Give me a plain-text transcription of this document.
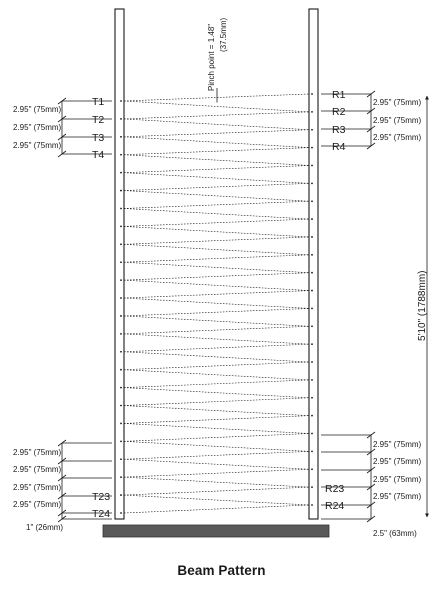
Pinch point = 1.48" (37.5mm)
T1
T2
T3
T4
2.95" (75mm)
2.95" (75mm)
2.95" (75mm)
2.95" (75mm)
2.95" (75mm)
2.95" (75mm)
2.95" (75mm)
T23
T24
1" (26mm)
R1
R2
R3
R4
2.95" (75mm)
2.95" (75mm)
2.95" (75mm)
2.95" (75mm)
2.95" (75mm)
2.95" (75mm)
2.95" (75mm)
R23
R24
2.5" (63mm)
5'10" (1788mm)
Beam Pattern
